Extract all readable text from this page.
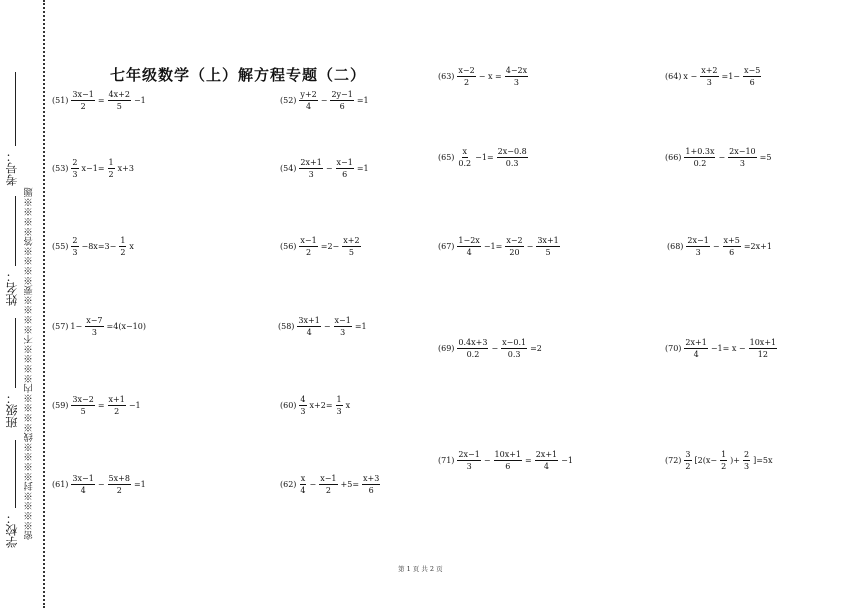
密※※※※封※※※※线※※※※内※※※※不※※※※要※※※※答※※※※题
学校：
班级：
姓名：
考号：
七年级数学（上）解方程专题（二）
$(51) \frac{3x-1}{2} = \frac{4x+2}{5} -1$	$(52) \frac{y+2}{4} - \frac{2y-1}{6} =1$
$(63) \frac{x-2}{2} - x = \frac{4-2x}{3}$	(64) $x - \frac{x+2}{3} =1- \frac{x-5}{6}$
$(53) \frac{2}{3} x-1= \frac{1}{2} x+3$	$(54) \frac{2x+1}{3} - \frac{x-1}{6} =1$
$(65) \frac{x}{0.2} -1= \frac{2x-0.8}{0.3}$	$(66) \frac{1+0.3x}{0.2} - \frac{2x-10}{3} =5$
$(55) \frac{2}{3} -8x=3- \frac{1}{2}$ x	$(56) \frac{x-1}{2} =2- \frac{x+2}{5}$	$(67) \frac{1-2x}{4} -1= \frac{x-2}{20} - \frac{3x+1}{5}$	$(68) \frac{2x-1}{3} - \frac{x+5}{6} =2x+1$
(57) $1- \frac{x-7}{3} =4(x-10)$	$(58) \frac{3x+1}{4} - \frac{x-1}{3} =1$
$(69) \frac{0.4x+3}{0.2} - \frac{x-0.1}{0.3} =2$	$(70) \frac{2x+1}{4} -1= x - \frac{10x+1}{12}$
$(59) \frac{3x-2}{5} = \frac{x+1}{2} -1$	$(60) \frac{4}{3} x+2= \frac{1}{3}$ x
$(71) \frac{2x-1}{3} - \frac{10x+1}{6} = \frac{2x+1}{4} -1$	$(72) \frac{3}{2} [2(x- \frac{1}{2}$ )+ $\frac{2}{3} ]=5x$
$(61) \frac{3x-1}{4} - \frac{5x+8}{2} =1$	$(62) \frac{x}{4} - \frac{x-1}{2} +5= \frac{x+3}{6}$
第 1 页 共 2 页
